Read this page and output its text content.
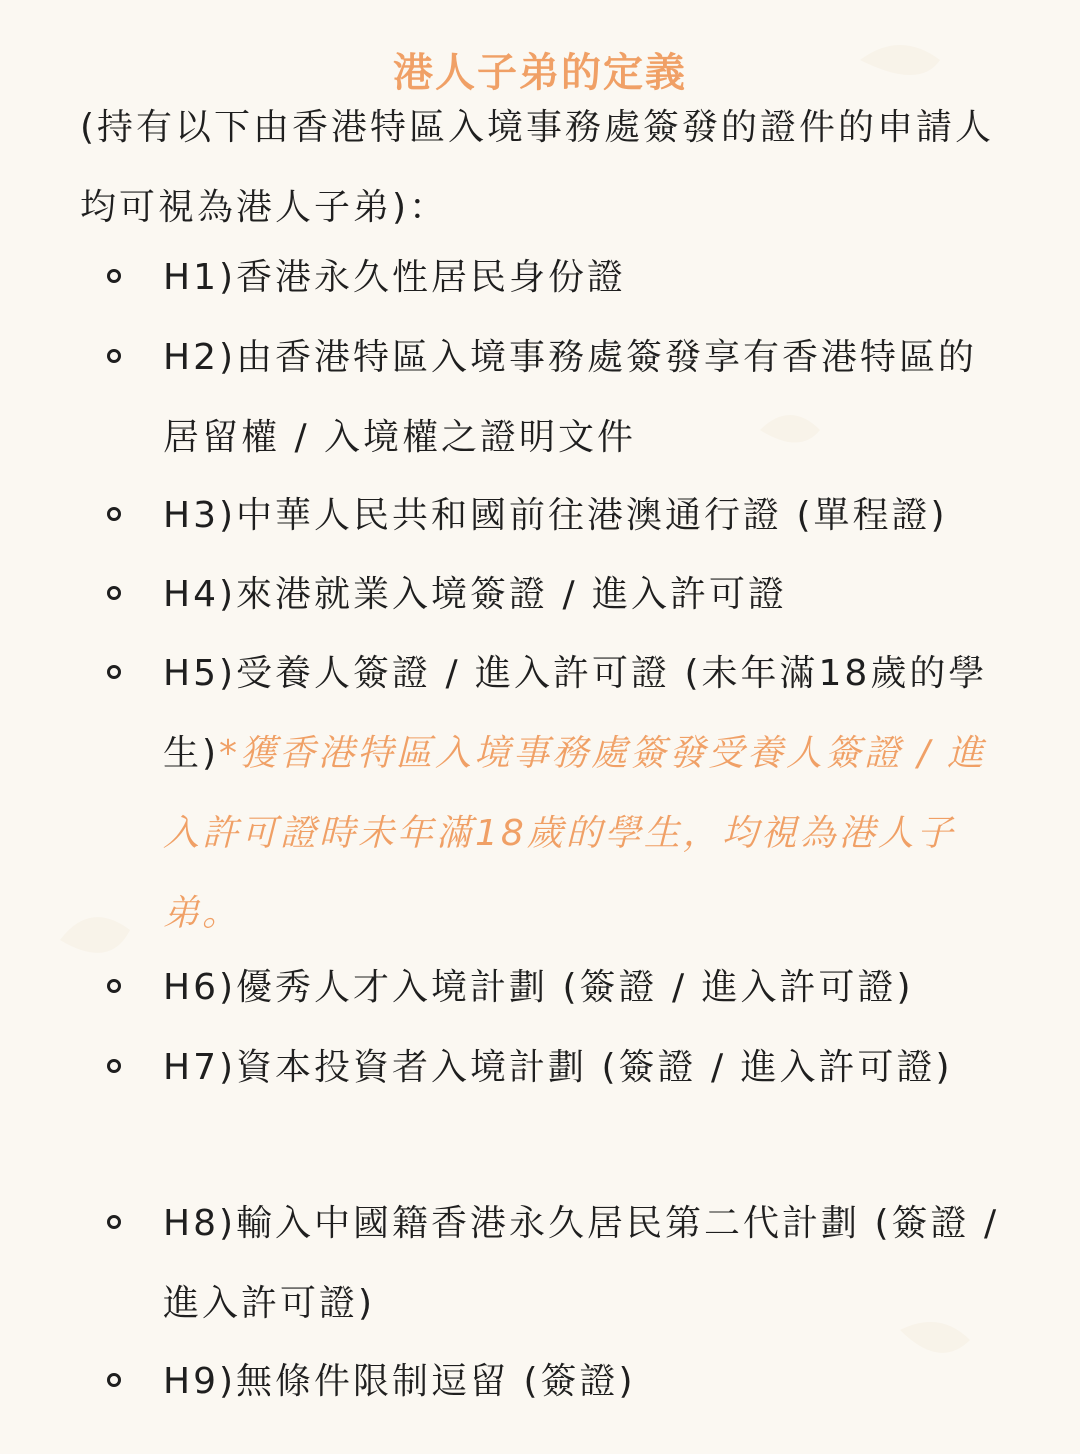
港人子弟的定義

(持有以下由香港特區入境事務處簽發的證件的申請人均可視為港人子弟)：

H1)香港永久性居民身份證

H2)由香港特區入境事務處簽發享有香港特區的居留權 / 入境權之證明文件

H3)中華人民共和國前往港澳通行證 (單程證)

H4)來港就業入境簽證 / 進入許可證

H5)受養人簽證 / 進入許可證 (未年滿18歲的學生)*獲香港特區入境事務處簽發受養人簽證 / 進入許可證時未年滿18歲的學生，均視為港人子弟。

H6)優秀人才入境計劃 (簽證 / 進入許可證)

H7)資本投資者入境計劃 (簽證 / 進入許可證)

H8)輸入中國籍香港永久居民第二代計劃 (簽證 / 進入許可證)

H9)無條件限制逗留 (簽證)
